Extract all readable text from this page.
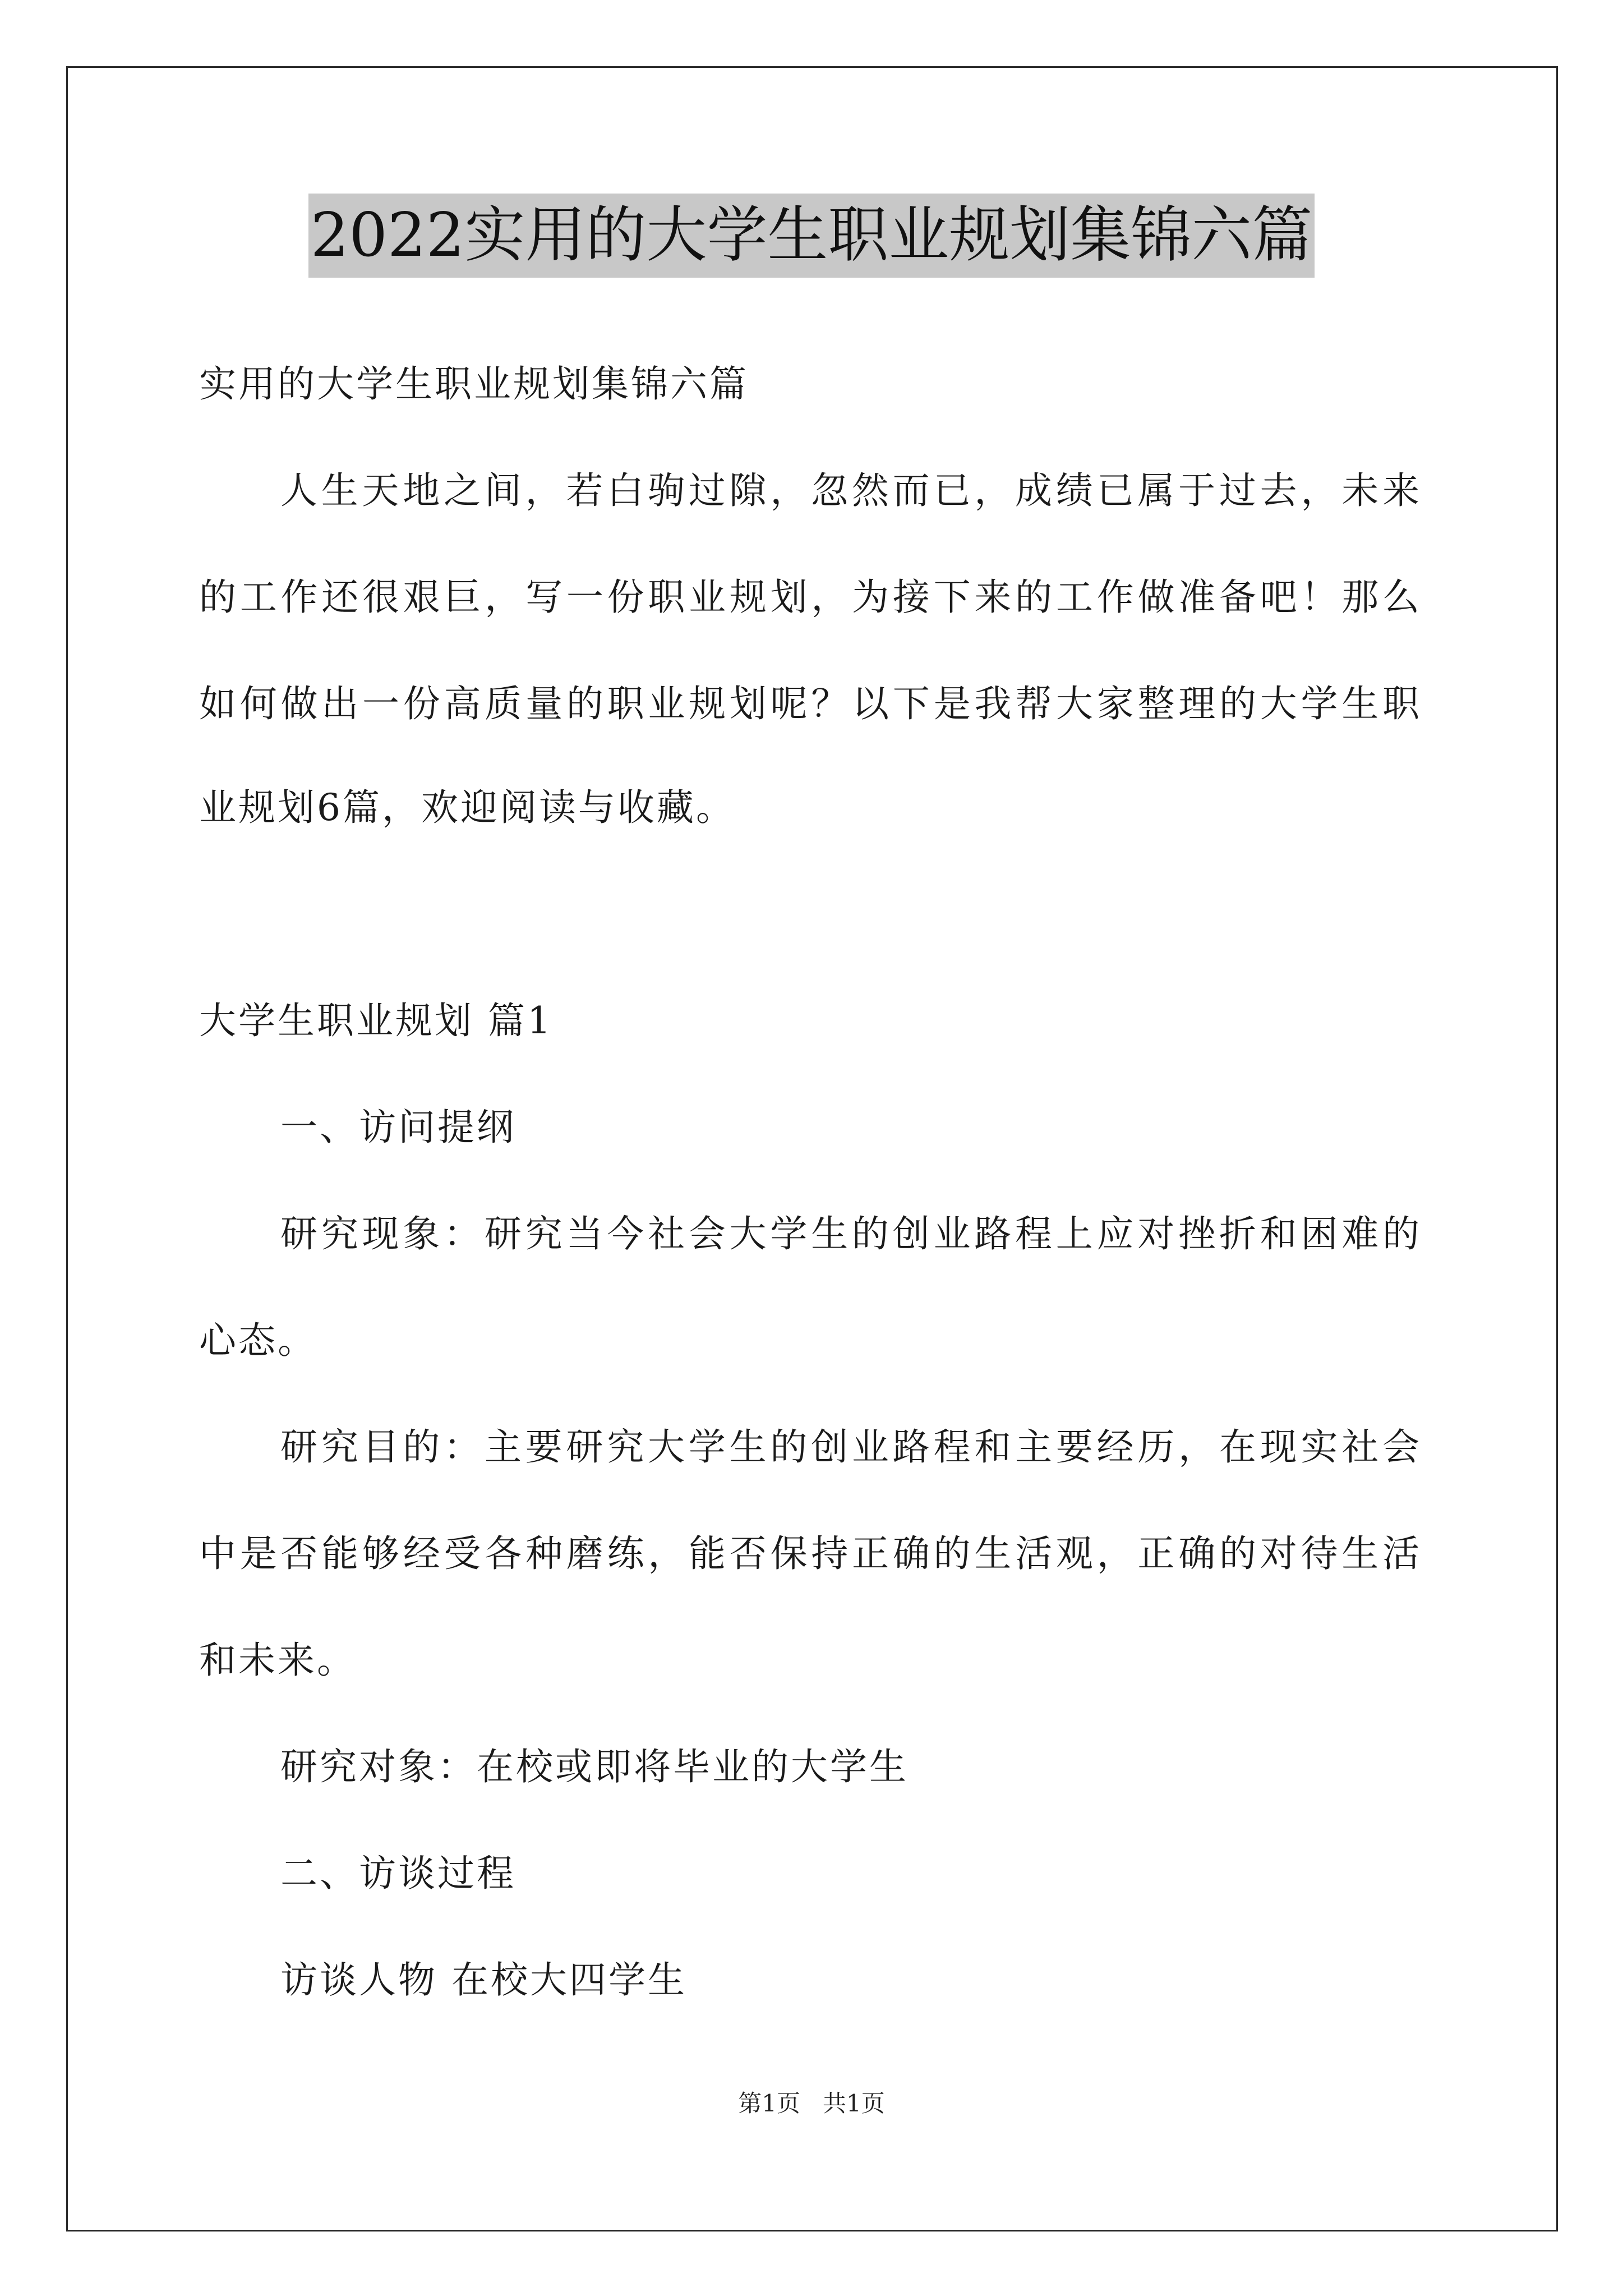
2022实用的大学生职业规划集锦六篇
实用的大学生职业规划集锦六篇
人生天地之间，若白驹过隙，忽然而已，成绩已属于过去，未来
的工作还很艰巨，写一份职业规划，为接下来的工作做准备吧！那么
如何做出一份高质量的职业规划呢？以下是我帮大家整理的大学生职
业规划6篇，欢迎阅读与收藏。
大学生职业规划 篇1
一、访问提纲
研究现象：研究当今社会大学生的创业路程上应对挫折和困难的
心态。
研究目的：主要研究大学生的创业路程和主要经历，在现实社会
中是否能够经受各种磨练，能否保持正确的生活观，正确的对待生活
和未来。
研究对象：在校或即将毕业的大学生
二、访谈过程
访谈人物 在校大四学生
第1页   共1页
